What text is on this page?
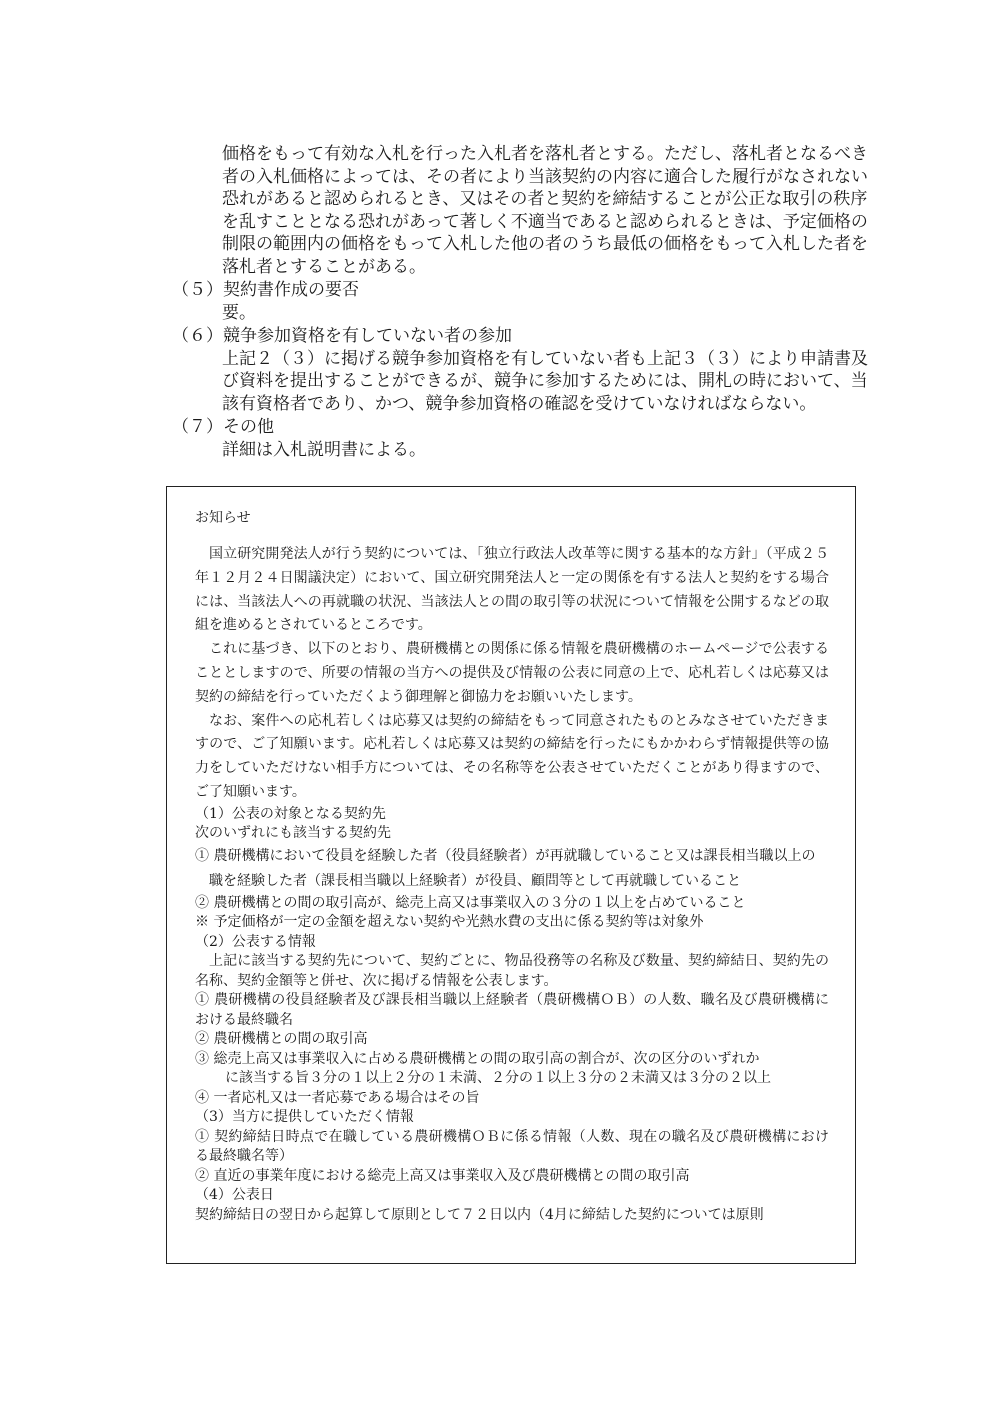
価格をもって有効な入札を行った入札者を落札者とする。ただし、落札者となるべき者の入札価格によっては、その者により当該契約の内容に適合した履行がなされない恐れがあると認められるとき、又はその者と契約を締結することが公正な取引の秩序を乱すこととなる恐れがあって著しく不適当であると認められるときは、予定価格の制限の範囲内の価格をもって入札した他の者のうち最低の価格をもって入札した者を落札者とすることがある。
（５）契約書作成の要否
要。
（６）競争参加資格を有していない者の参加
上記２（３）に掲げる競争参加資格を有していない者も上記３（３）により申請書及び資料を提出することができるが、競争に参加するためには、開札の時において、当該有資格者であり、かつ、競争参加資格の確認を受けていなければならない。
（７）その他
詳細は入札説明書による。
お知らせ
国立研究開発法人が行う契約については、「独立行政法人改革等に関する基本的な方針」（平成２５年１２月２４日閣議決定）において、国立研究開発法人と一定の関係を有する法人と契約をする場合には、当該法人への再就職の状況、当該法人との間の取引等の状況について情報を公開するなどの取組を進めるとされているところです。
これに基づき、以下のとおり、農研機構との関係に係る情報を農研機構のホームページで公表することとしますので、所要の情報の当方への提供及び情報の公表に同意の上で、応札若しくは応募又は契約の締結を行っていただくよう御理解と御協力をお願いいたします。
なお、案件への応札若しくは応募又は契約の締結をもって同意されたものとみなさせていただきますので、ご了知願います。応札若しくは応募又は契約の締結を行ったにもかかわらず情報提供等の協力をしていただけない相手方については、その名称等を公表させていただくことがあり得ますので、ご了知願います。
（1）公表の対象となる契約先
次のいずれにも該当する契約先
① 農研機構において役員を経験した者（役員経験者）が再就職していること又は課長相当職以上の職を経験した者（課長相当職以上経験者）が役員、顧問等として再就職していること
② 農研機構との間の取引高が、総売上高又は事業収入の３分の１以上を占めていること
※ 予定価格が一定の金額を超えない契約や光熱水費の支出に係る契約等は対象外
（2）公表する情報
上記に該当する契約先について、契約ごとに、物品役務等の名称及び数量、契約締結日、契約先の名称、契約金額等と併せ、次に掲げる情報を公表します。
① 農研機構の役員経験者及び課長相当職以上経験者（農研機構ＯＢ）の人数、職名及び農研機構における最終職名
② 農研機構との間の取引高
③ 総売上高又は事業収入に占める農研機構との間の取引高の割合が、次の区分のいずれか
に該当する旨３分の１以上２分の１未満、２分の１以上３分の２未満又は３分の２以上
④ 一者応札又は一者応募である場合はその旨
（3）当方に提供していただく情報
① 契約締結日時点で在職している農研機構ＯＢに係る情報（人数、現在の職名及び農研機構における最終職名等）
② 直近の事業年度における総売上高又は事業収入及び農研機構との間の取引高
（4）公表日
契約締結日の翌日から起算して原則として７２日以内（4月に締結した契約については原則
